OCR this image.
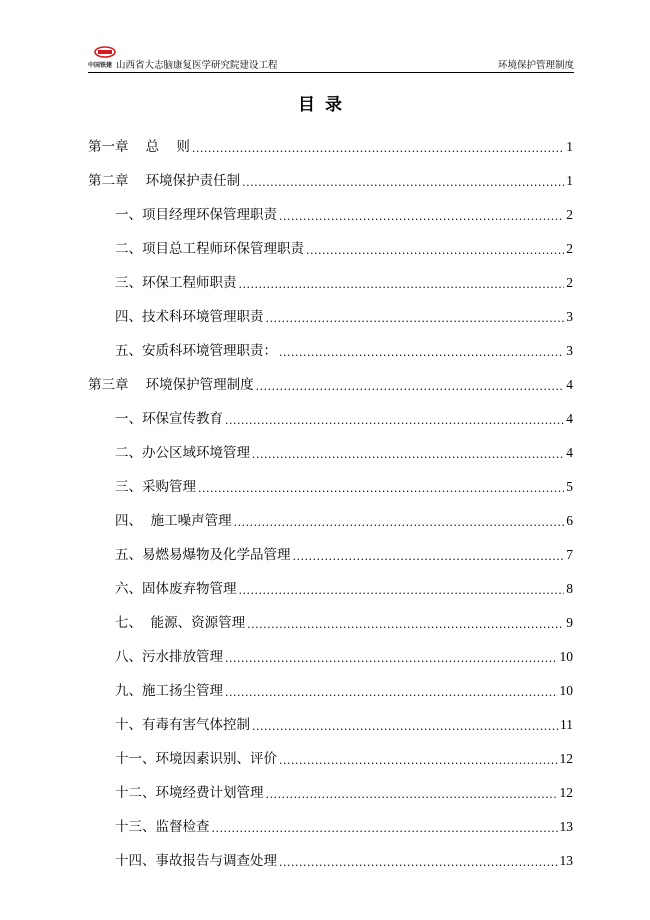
中国铁建 山西省大志脑康复医学研究院建设工程	环境保护管理制度
目录
第一章    总    则 .....	1
第二章    环境保护责任制 .....	1
一、项目经理环保管理职责 .....	2
二、项目总工程师环保管理职责 .....	2
三、环保工程师职责 .....	2
四、技术科环境管理职责 .....	3
五、安质科环境管理职责： .....	3
第三章    环境保护管理制度 .....	4
一、环保宣传教育 .....	4
二、办公区域环境管理 .....	4
三、采购管理 .....	5
四、  施工噪声管理 .....	6
五、易燃易爆物及化学品管理 .....	7
六、固体废弃物管理 .....	8
七、  能源、资源管理 .....	9
八、污水排放管理 .....	10
九、施工扬尘管理 .....	10
十、有毒有害气体控制 .....	11
十一、环境因素识别、评价 .....	12
十二、环境经费计划管理 .....	12
十三、监督检查 .....	13
十四、事故报告与调查处理 .....	13
